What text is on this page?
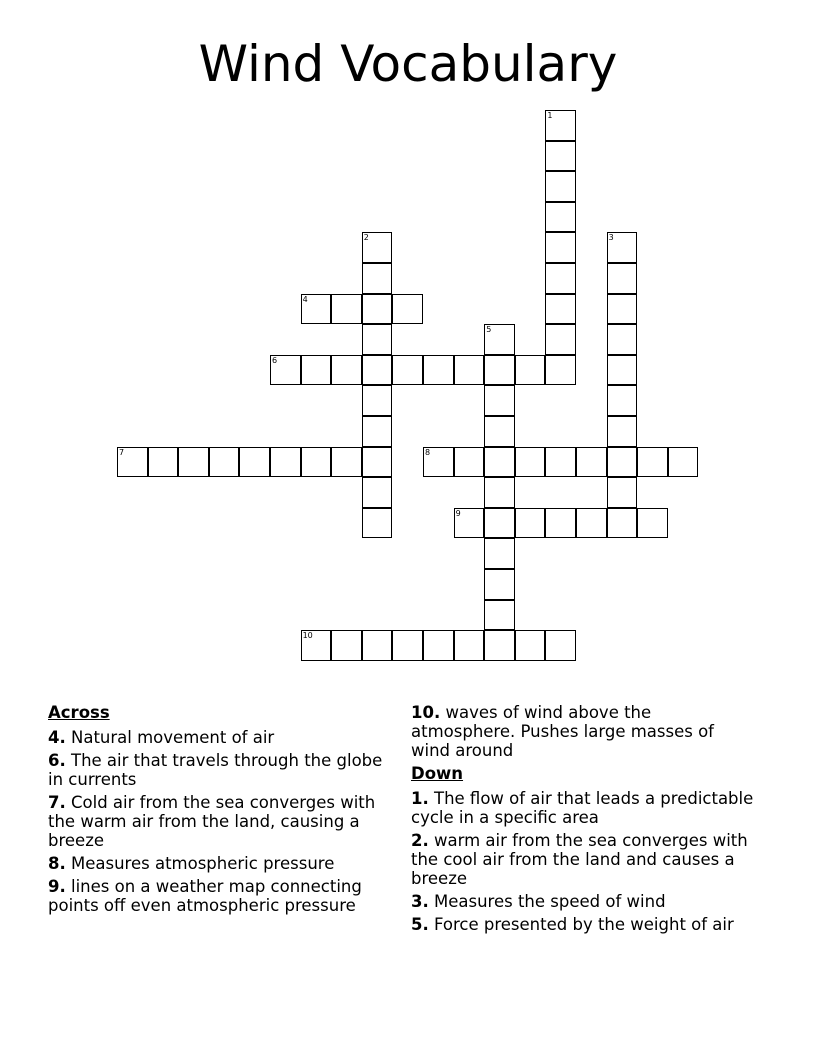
Wind Vocabulary
1
2	3
4
5
6
7	8
9
10
Across
4. Natural movement of air
6. The air that travels through the globe in currents
7. Cold air from the sea converges with the warm air from the land, causing a breeze
8. Measures atmospheric pressure
9. lines on a weather map connecting points off even atmospheric pressure
10. waves of wind above the atmosphere. Pushes large masses of wind around
Down
1. The flow of air that leads a predictable cycle in a specific area
2. warm air from the sea converges with the cool air from the land and causes a breeze
3. Measures the speed of wind
5. Force presented by the weight of air
